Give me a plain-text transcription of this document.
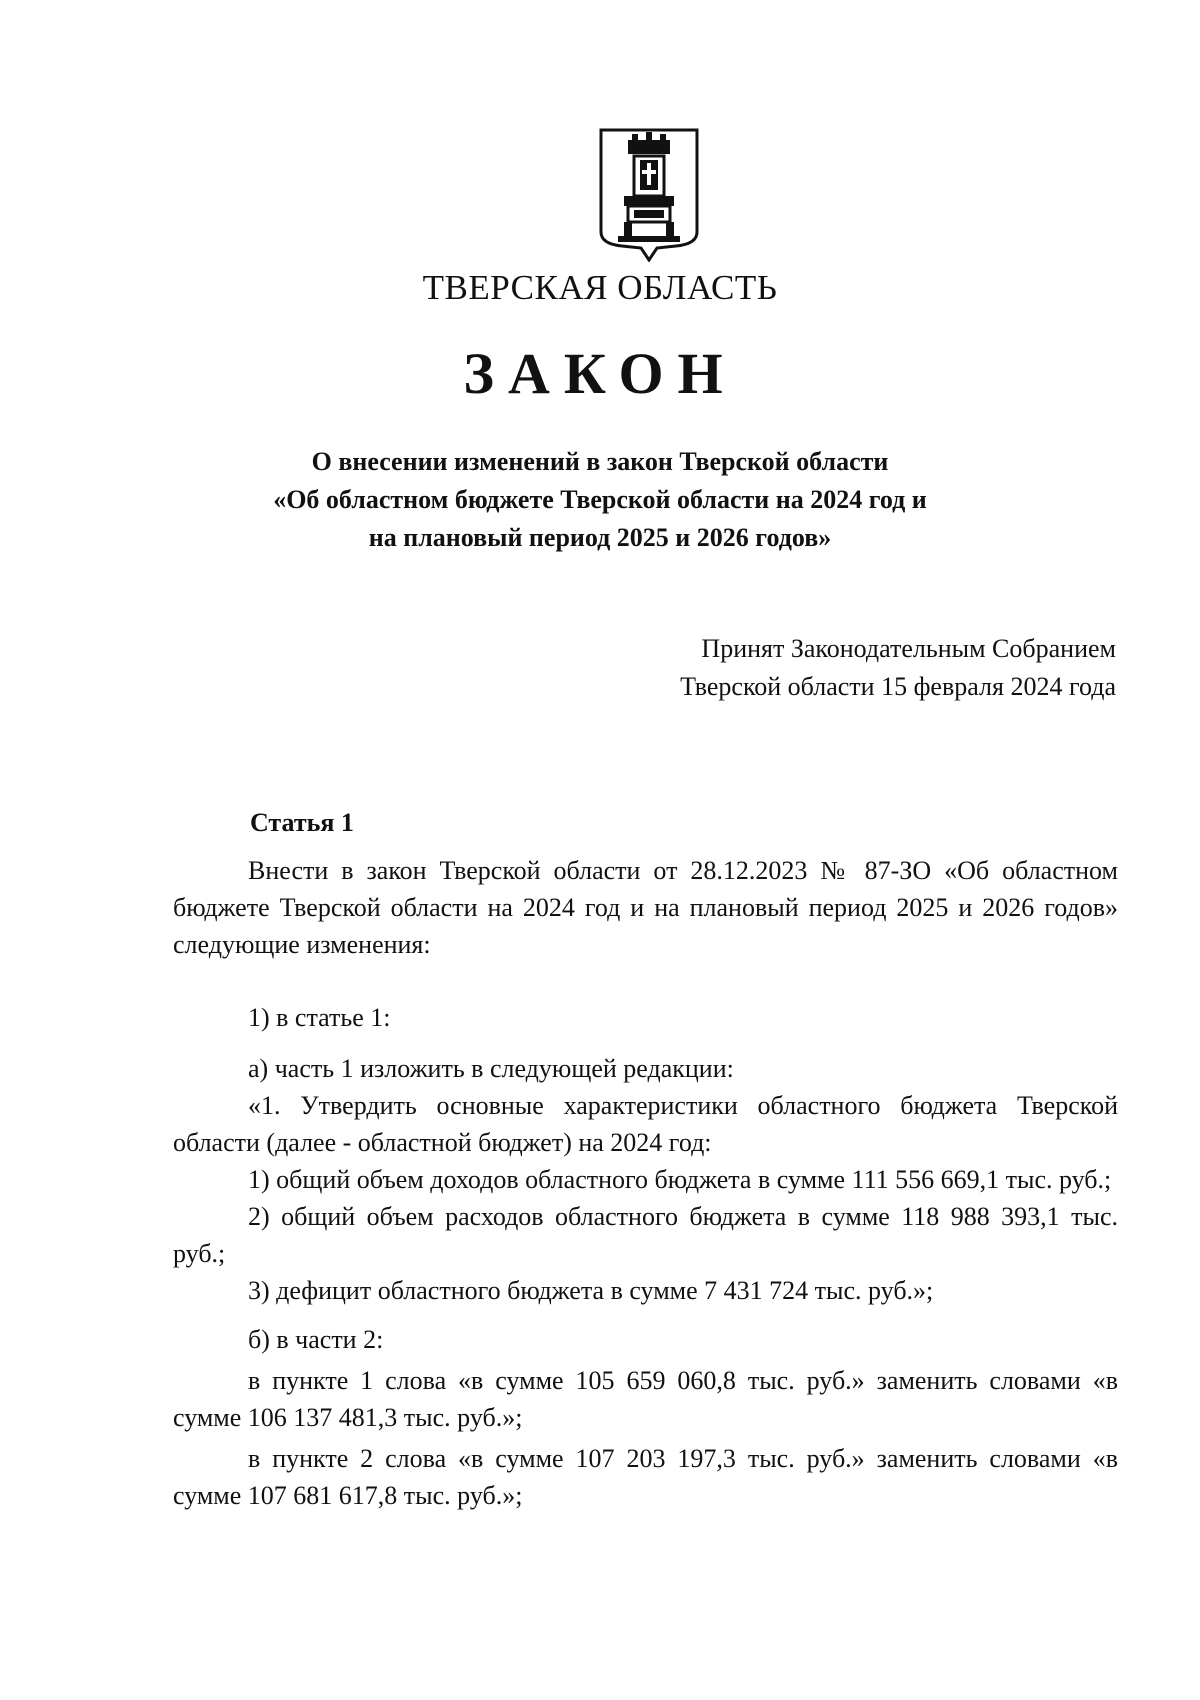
ТВЕРСКАЯ ОБЛАСТЬ
ЗАКОН
О внесении изменений в закон Тверской области
«Об областном бюджете Тверской области на 2024 год и
на плановый период 2025 и 2026 годов»
Принят Законодательным Собранием
Тверской области 15 февраля 2024 года
Статья 1

Внести в закон Тверской области от 28.12.2023 № 87-ЗО «Об областном бюджете Тверской области на 2024 год и на плановый период 2025 и 2026 годов» следующие изменения:

1) в статье 1:

а) часть 1 изложить в следующей редакции:

«1. Утвердить основные характеристики областного бюджета Тверской области (далее - областной бюджет) на 2024 год:

1) общий объем доходов областного бюджета в сумме 111 556 669,1 тыс. руб.;

2) общий объем расходов областного бюджета в сумме 118 988 393,1 тыс. руб.;

3) дефицит областного бюджета в сумме 7 431 724 тыс. руб.»;

б) в части 2:

в пункте 1 слова «в сумме 105 659 060,8 тыс. руб.» заменить словами «в сумме 106 137 481,3 тыс. руб.»;

в пункте 2 слова «в сумме 107 203 197,3 тыс. руб.» заменить словами «в сумме 107 681 617,8 тыс. руб.»;
